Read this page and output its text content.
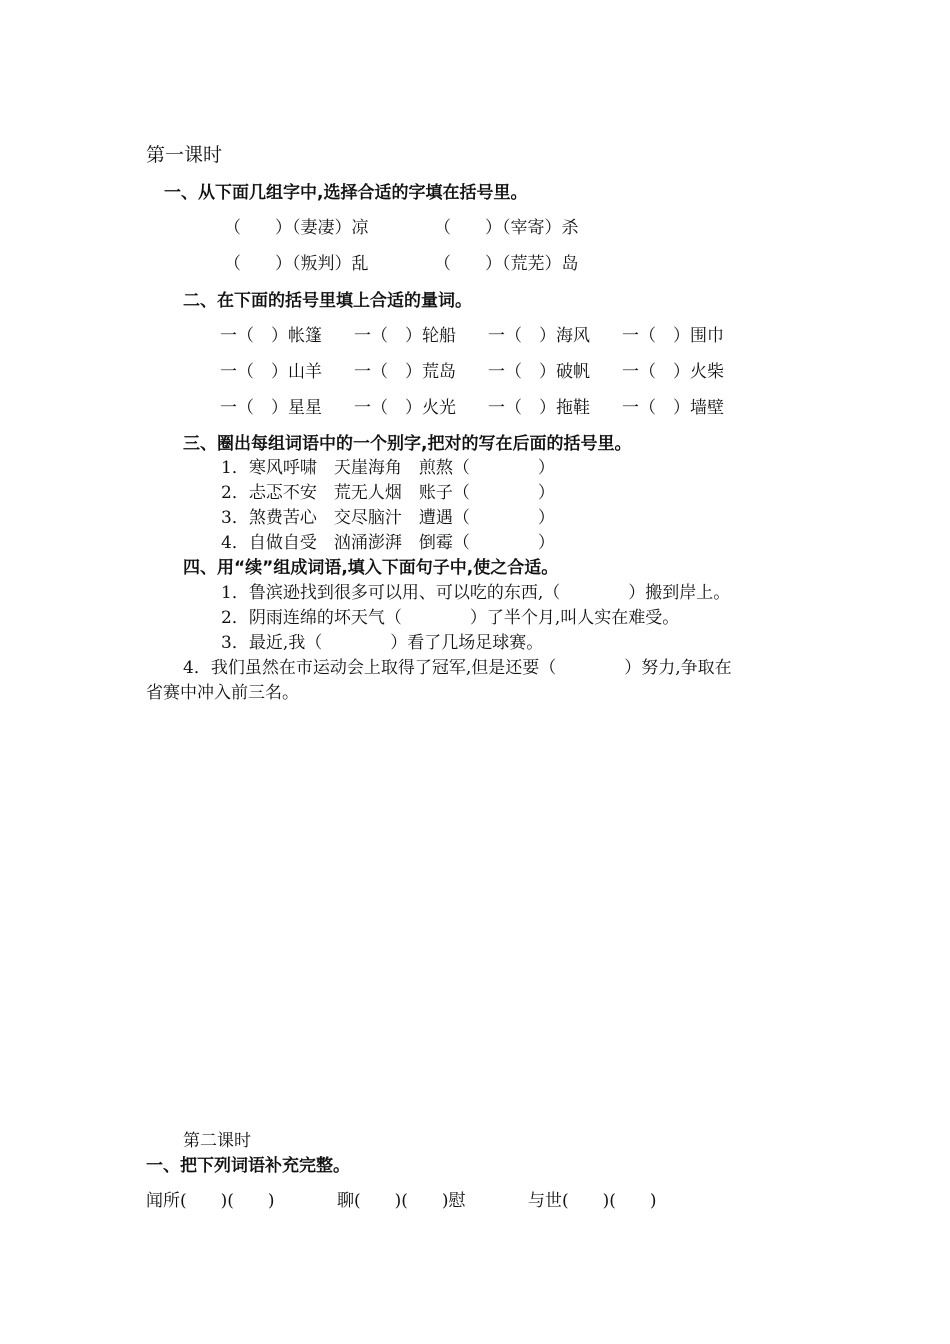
第一课时
一、从下面几组字中,选择合适的字填在括号里。
（　　）（妻凄）凉	（　　）（宰寄）杀
（　　）（叛判）乱	（　　）（荒芜）岛
二、在下面的括号里填上合适的量词。
一（　）帐篷 一（　）轮船 一（　）海风 一（　）围巾
一（　）山羊 一（　）荒岛 一（　）破帆 一（　）火柴
一（　）星星 一（　）火光 一（　）拖鞋 一（　）墙壁
三、圈出每组词语中的一个别字,把对的写在后面的括号里。
1．寒风呼啸　天崖海角　煎熬（　　　　）
2．忐忑不安　荒无人烟　账子（　　　　）
3．煞费苦心　交尽脑汁　遭遇（　　　　）
4．自做自受　汹涌澎湃　倒霉（　　　　）
四、用“续”组成词语,填入下面句子中,使之合适。
1．鲁滨逊找到很多可以用、可以吃的东西,（　　　　）搬到岸上。
2．阴雨连绵的坏天气（　　　　）了半个月,叫人实在难受。
3．最近,我（　　　　）看了几场足球赛。
4．我们虽然在市运动会上取得了冠军,但是还要（　　　　）努力,争取在
省赛中冲入前三名。
第二课时
一、把下列词语补充完整。
闻所(　　)(　　)	聊(　　)(　　)慰	与世(　　)(　　)
